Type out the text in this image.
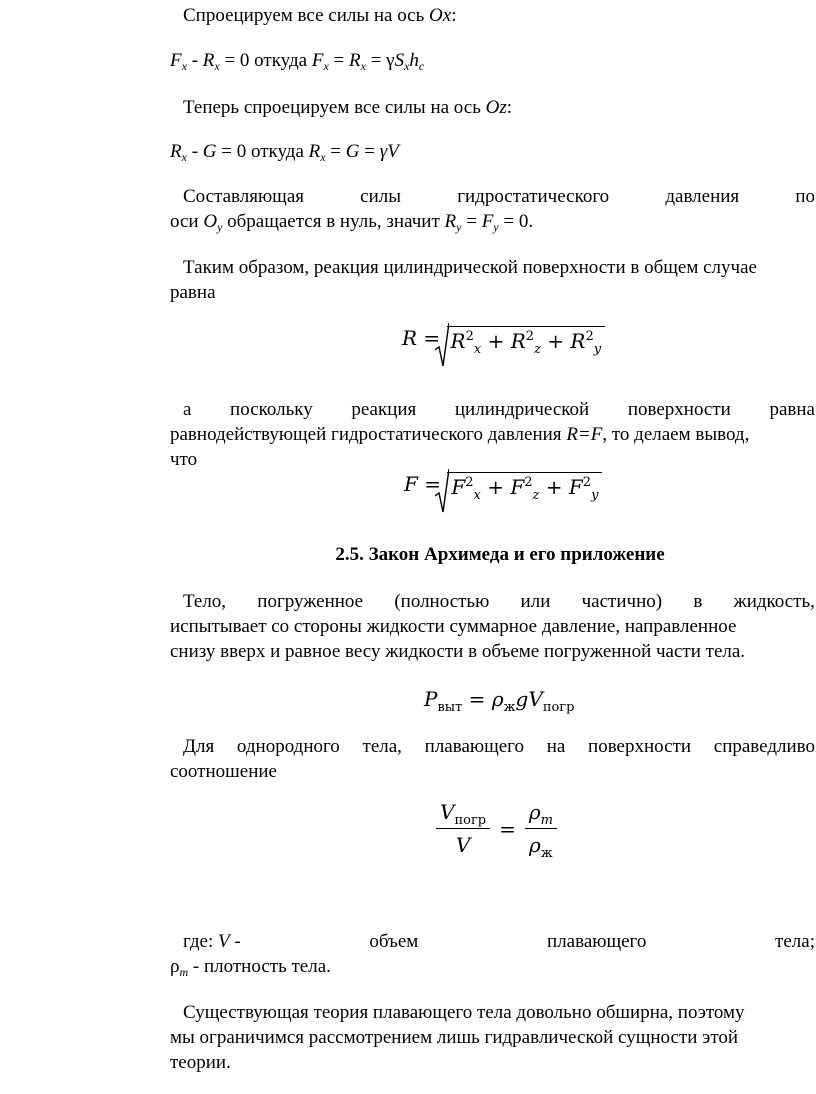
Спроецируем все силы на ось Ox:
$F_x - R_x = 0$ откуда $F_x = R_x = \gamma S_xh_c$
Теперь спроецируем все силы на ось Oz:
$R_x - G = 0$ откуда $R_x = G = \gamma V$
Составляющая	силы	гидростатического	давления	по
оси $O_y$ обращается в нуль, значит $R_y = F_y = 0$.
Таким образом, реакция цилиндрической поверхности в общем случае
равна
R =
$R^2_x + R^2_z + R^2_y$
а поскольку реакция цилиндрической поверхности равна
равнодействующей гидростатического давления R=F, то делаем вывод,
что
F =
$F^2_x + F^2_z + F^2_y$
2.5. Закон Архимеда и его приложение
Тело, погруженное (полностью или частично) в жидкость,
испытывает со стороны жидкости суммарное давление, направленное
снизу вверх и равное весу жидкости в объеме погруженной части тела.
$P_{выт} = \rho_жgV_{погр}$
Для однородного тела, плавающего на поверхности справедливо
соотношение
$\frac{V_{погр}}{V} = \frac{\rho_m}{\rho_ж}$
где: V -	объем	плавающего	тела;
$\rho_m$ - плотность тела.
Существующая теория плавающего тела довольно обширна, поэтому
мы ограничимся рассмотрением лишь гидравлической сущности этой
теории.
